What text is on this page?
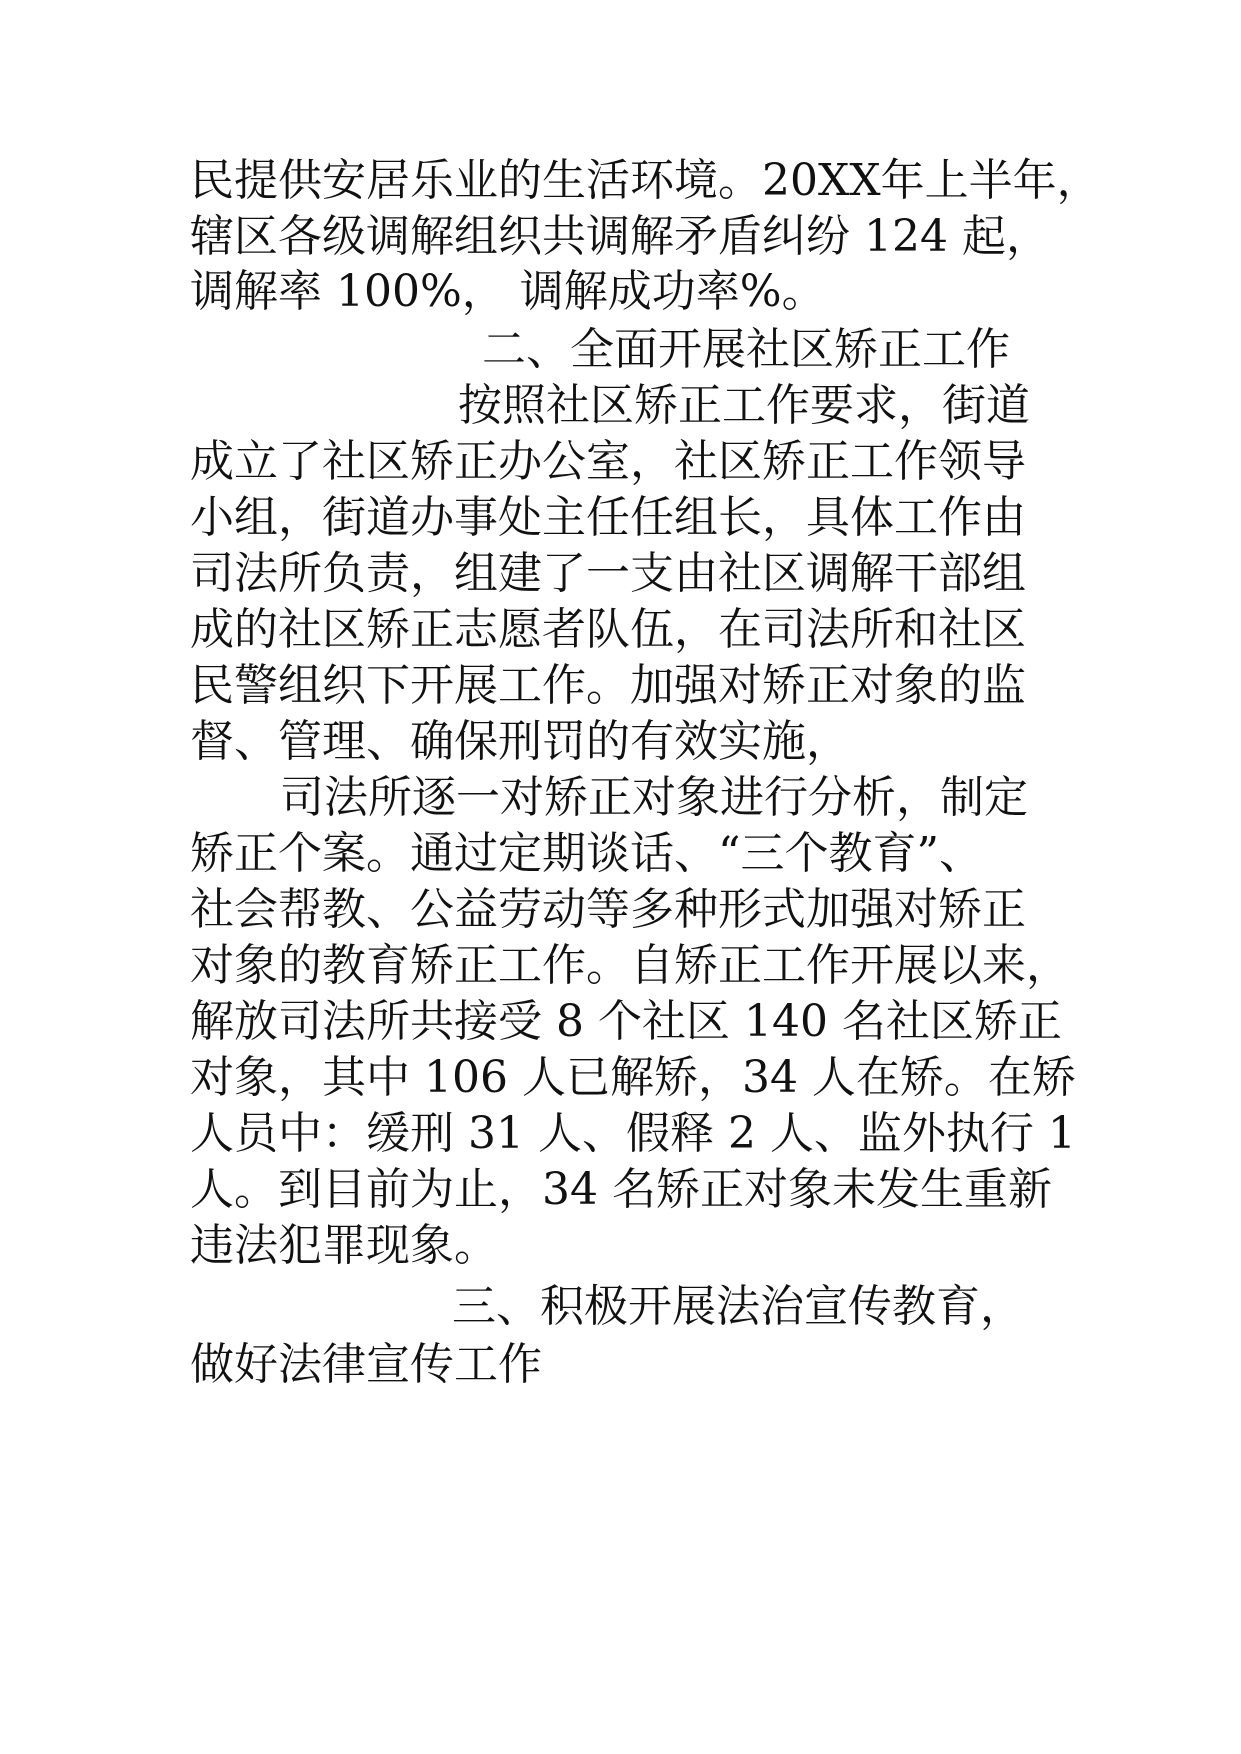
民提供安居乐业的生活环境。20XX年上半年，
辖区各级调解组织共调解矛盾纠纷 124 起，
调解率 100%， 调解成功率%。
二、全面开展社区矫正工作
按照社区矫正工作要求，街道
成立了社区矫正办公室，社区矫正工作领导
小组，街道办事处主任任组长，具体工作由
司法所负责，组建了一支由社区调解干部组
成的社区矫正志愿者队伍，在司法所和社区
民警组织下开展工作。加强对矫正对象的监
督、管理、确保刑罚的有效实施，
司法所逐一对矫正对象进行分析，制定
矫正个案。通过定期谈话、“三个教育”、
社会帮教、公益劳动等多种形式加强对矫正
对象的教育矫正工作。自矫正工作开展以来，
解放司法所共接受 8 个社区 140 名社区矫正
对象，其中 106 人已解矫，34 人在矫。在矫
人员中：缓刑 31 人、假释 2 人、监外执行 1
人。到目前为止，34 名矫正对象未发生重新
违法犯罪现象。
三、积极开展法治宣传教育，
做好法律宣传工作
